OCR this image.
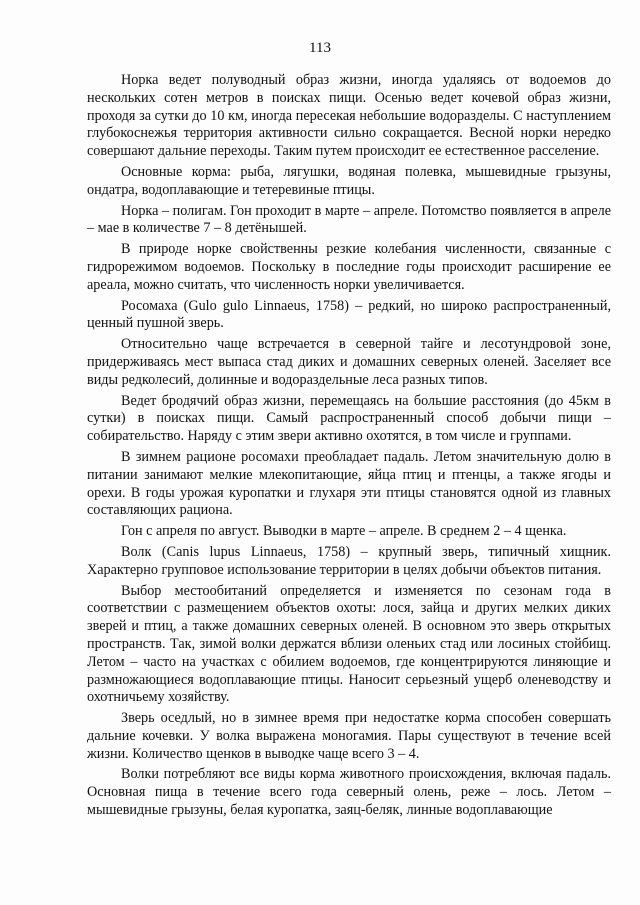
113

Норка ведет полуводный образ жизни, иногда удаляясь от водоемов до нескольких сотен метров в поисках пищи. Осенью ведет кочевой образ жизни, проходя за сутки до 10 км, иногда пересекая небольшие водоразделы. С наступлением глубокоснежья территория активности сильно сокращается. Весной норки нередко совершают дальние переходы. Таким путем происходит ее естественное расселение.

Основные корма: рыба, лягушки, водяная полевка, мышевидные грызуны, ондатра, водоплавающие и тетеревиные птицы.

Норка – полигам. Гон проходит в марте – апреле. Потомство появляется в апреле – мае в количестве 7 – 8 детёнышей.

В природе норке свойственны резкие колебания численности, связанные с гидрорежимом водоемов. Поскольку в последние годы происходит расширение ее ареала, можно считать, что численность норки увеличивается.

Росомаха (Gulo gulo Linnaeus, 1758) – редкий, но широко распространенный, ценный пушной зверь.

Относительно чаще встречается в северной тайге и лесотундровой зоне, придерживаясь мест выпаса стад диких и домашних северных оленей. Заселяет все виды редколесий, долинные и водораздельные леса разных типов.

Ведет бродячий образ жизни, перемещаясь на большие расстояния (до 45км в сутки) в поисках пищи. Самый распространенный способ добычи пищи – собирательство. Наряду с этим звери активно охотятся, в том числе и группами.

В зимнем рационе росомахи преобладает падаль. Летом значительную долю в питании занимают мелкие млекопитающие, яйца птиц и птенцы, а также ягоды и орехи. В годы урожая куропатки и глухаря эти птицы становятся одной из главных составляющих рациона.

Гон с апреля по август. Выводки в марте – апреле. В среднем 2 – 4 щенка.

Волк (Canis lupus Linnaeus, 1758) – крупный зверь, типичный хищник. Характерно групповое использование территории в целях добычи объектов питания.

Выбор местообитаний определяется и изменяется по сезонам года в соответствии с размещением объектов охоты: лося, зайца и других мелких диких зверей и птиц, а также домашних северных оленей. В основном это зверь открытых пространств. Так, зимой волки держатся вблизи оленьих стад или лосиных стойбищ. Летом – часто на участках с обилием водоемов, где концентрируются линяющие и размножающиеся водоплавающие птицы. Наносит серьезный ущерб оленеводству и охотничьему хозяйству.

Зверь оседлый, но в зимнее время при недостатке корма способен совершать дальние кочевки. У волка выражена моногамия. Пары существуют в течение всей жизни. Количество щенков в выводке чаще всего 3 – 4.

Волки потребляют все виды корма животного происхождения, включая падаль. Основная пища в течение всего года северный олень, реже – лось. Летом – мышевидные грызуны, белая куропатка, заяц-беляк, линные водоплавающие
